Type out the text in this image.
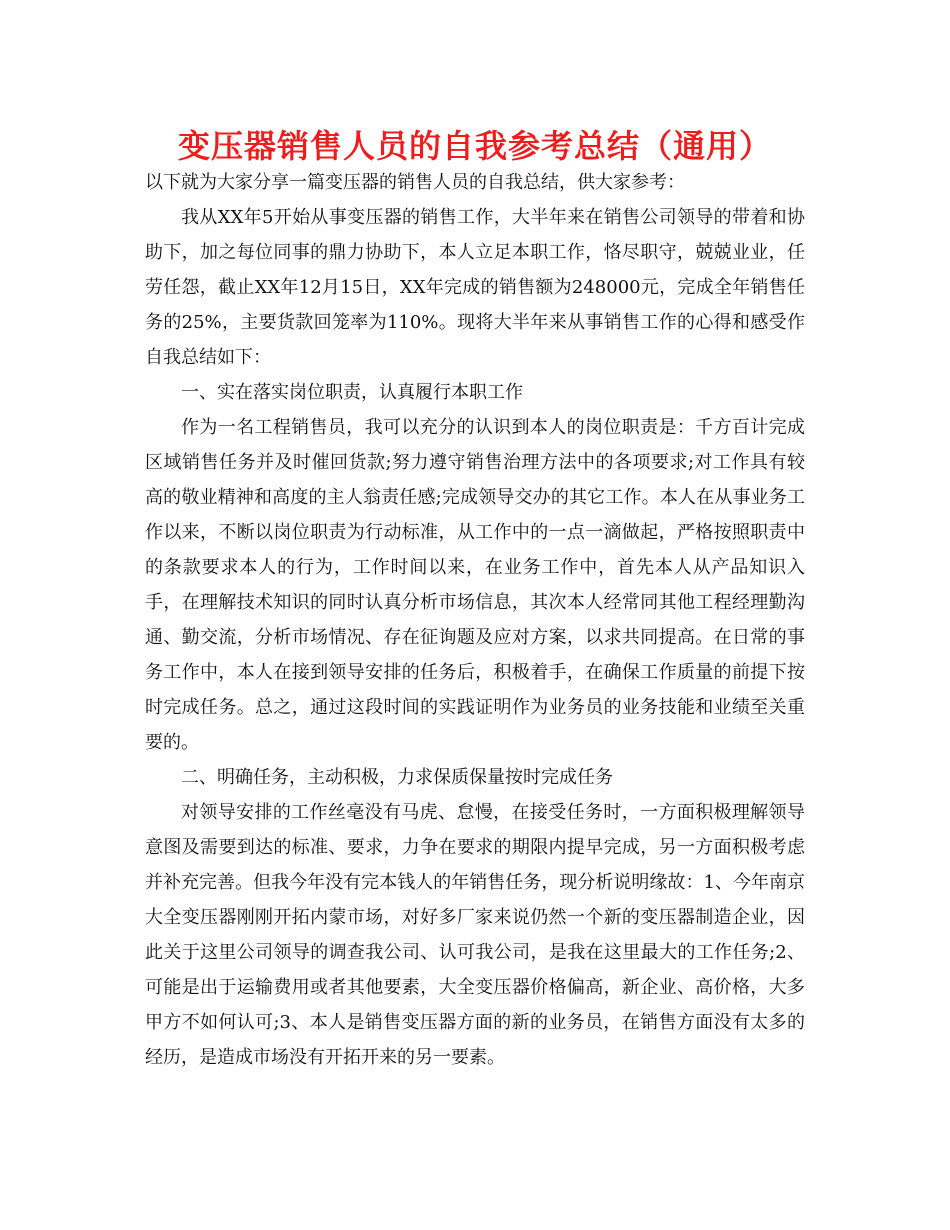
变压器销售人员的自我参考总结（通用）

以下就为大家分享一篇变压器的销售人员的自我总结，供大家参考：

我从XX年5开始从事变压器的销售工作，大半年来在销售公司领导的带着和协助下，加之每位同事的鼎力协助下，本人立足本职工作，恪尽职守，兢兢业业，任劳任怨，截止XX年12月15日，XX年完成的销售额为248000元，完成全年销售任务的25%，主要货款回笼率为110%。现将大半年来从事销售工作的心得和感受作自我总结如下：

一、实在落实岗位职责，认真履行本职工作

作为一名工程销售员，我可以充分的认识到本人的岗位职责是：千方百计完成区域销售任务并及时催回货款;努力遵守销售治理方法中的各项要求;对工作具有较高的敬业精神和高度的主人翁责任感;完成领导交办的其它工作。本人在从事业务工作以来，不断以岗位职责为行动标准，从工作中的一点一滴做起，严格按照职责中的条款要求本人的行为，工作时间以来，在业务工作中，首先本人从产品知识入手，在理解技术知识的同时认真分析市场信息，其次本人经常同其他工程经理勤沟通、勤交流，分析市场情况、存在征询题及应对方案，以求共同提高。在日常的事务工作中，本人在接到领导安排的任务后，积极着手，在确保工作质量的前提下按时完成任务。总之，通过这段时间的实践证明作为业务员的业务技能和业绩至关重要的。

二、明确任务，主动积极，力求保质保量按时完成任务

对领导安排的工作丝毫没有马虎、怠慢，在接受任务时，一方面积极理解领导意图及需要到达的标准、要求，力争在要求的期限内提早完成，另一方面积极考虑并补充完善。但我今年没有完本钱人的年销售任务，现分析说明缘故：1、今年南京大全变压器刚刚开拓内蒙市场，对好多厂家来说仍然一个新的变压器制造企业，因此关于这里公司领导的调查我公司、认可我公司，是我在这里最大的工作任务;2、可能是出于运输费用或者其他要素，大全变压器价格偏高，新企业、高价格，大多甲方不如何认可;3、本人是销售变压器方面的新的业务员，在销售方面没有太多的经历，是造成市场没有开拓开来的另一要素。
